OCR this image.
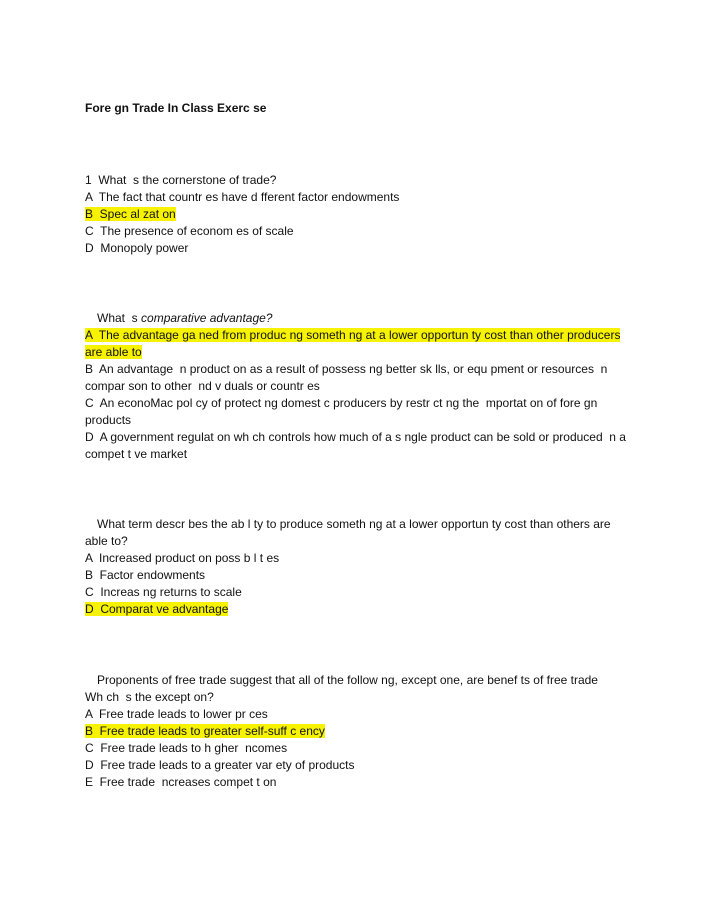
Fore gn Trade In Class Exerc se
1  What  s the cornerstone of trade?
A  The fact that countr es have d fferent factor endowments
B  Spec al zat on
C  The presence of econom es of scale
D  Monopoly power
What  s comparative advantage?
A  The advantage ga ned from produc ng someth ng at a lower opportun ty cost than other producers
are able to
B  An advantage  n product on as a result of possess ng better sk lls, or equ pment or resources  n
compar son to other  nd v duals or countr es
C  An econoMac pol cy of protect ng domest c producers by restr ct ng the  mportat on of fore gn
products
D  A government regulat on wh ch controls how much of a s ngle product can be sold or produced  n a
compet t ve market
What term descr bes the ab l ty to produce someth ng at a lower opportun ty cost than others are
able to?
A  Increased product on poss b l t es
B  Factor endowments
C  Increas ng returns to scale
D  Comparat ve advantage
Proponents of free trade suggest that all of the follow ng, except one, are benef ts of free trade
Wh ch  s the except on?
A  Free trade leads to lower pr ces
B  Free trade leads to greater self-suff c ency
C  Free trade leads to h gher  ncomes
D  Free trade leads to a greater var ety of products
E  Free trade  ncreases compet t on
